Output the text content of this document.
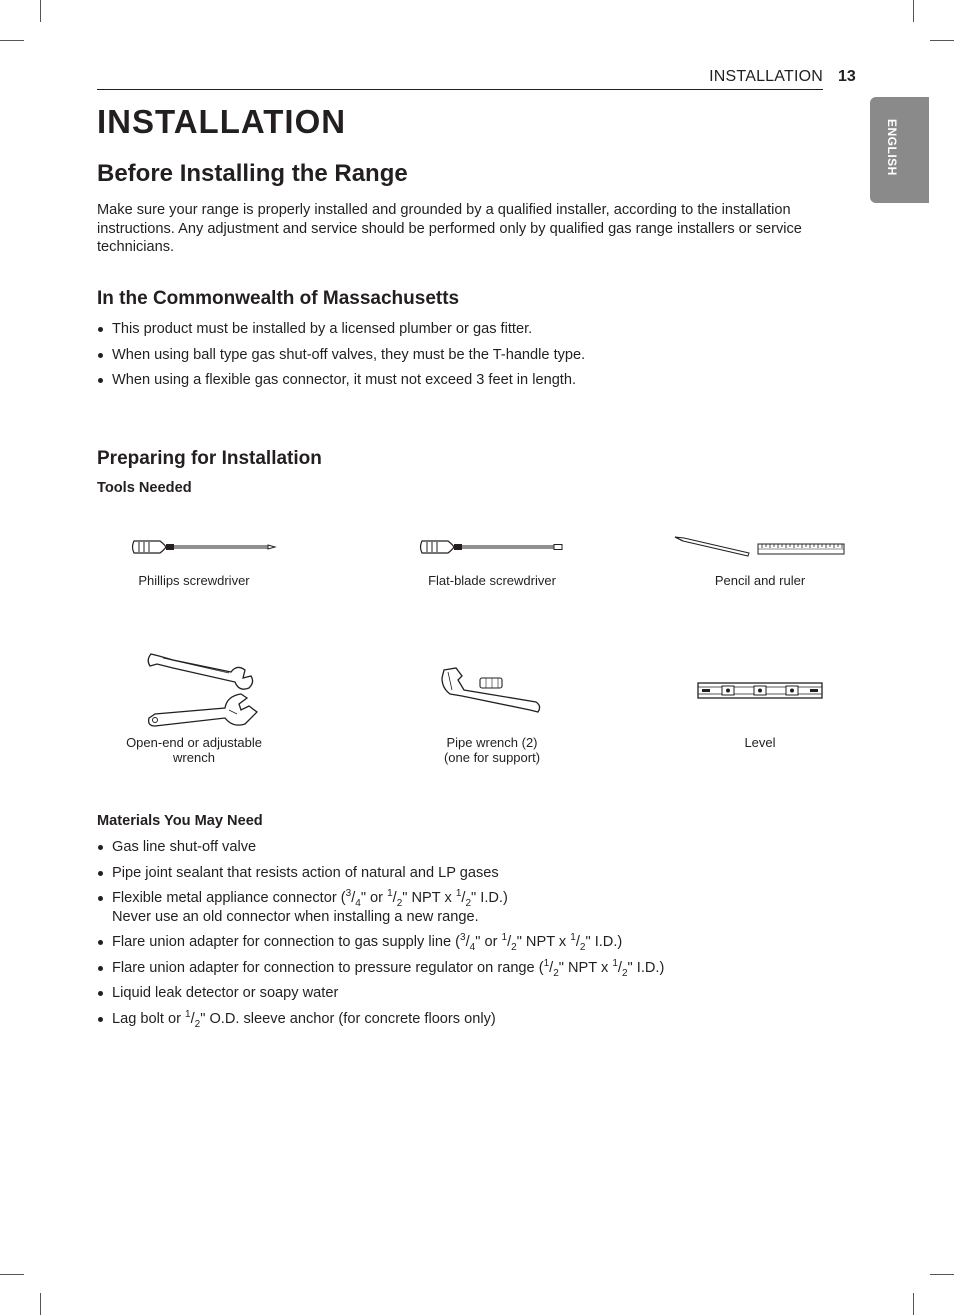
INSTALLATION 13
ENGLISH
INSTALLATION
Before Installing the Range
Make sure your range is properly installed and grounded by a qualified installer, according to the installation instructions. Any adjustment and service should be performed only by qualified gas range installers or service technicians.
In the Commonwealth of Massachusetts
This product must be installed by a licensed plumber or gas fitter.
When using ball type gas shut-off valves, they must be the T-handle type.
When using a flexible gas connector, it must not exceed 3 feet in length.
Preparing for Installation
Tools Needed
Phillips screwdriver	Flat-blade screwdriver	Pencil and ruler
Open-end or adjustable
wrench
Pipe wrench (2)
(one for support)
Level
Materials You May Need
Gas line shut-off valve
Pipe joint sealant that resists action of natural and LP gases
Flexible metal appliance connector ($^3/_4$" or $^1/_2$" NPT x $^1/_2$" I.D.)
Never use an old connector when installing a new range.
Flare union adapter for connection to gas supply line ($^3/_4$" or $^1/_2$" NPT x $^1/_2$" I.D.)
Flare union adapter for connection to pressure regulator on range ($^1/_2$" NPT x $^1/_2$" I.D.)
Liquid leak detector or soapy water
Lag bolt or $^1/_2$" O.D. sleeve anchor (for concrete floors only)
